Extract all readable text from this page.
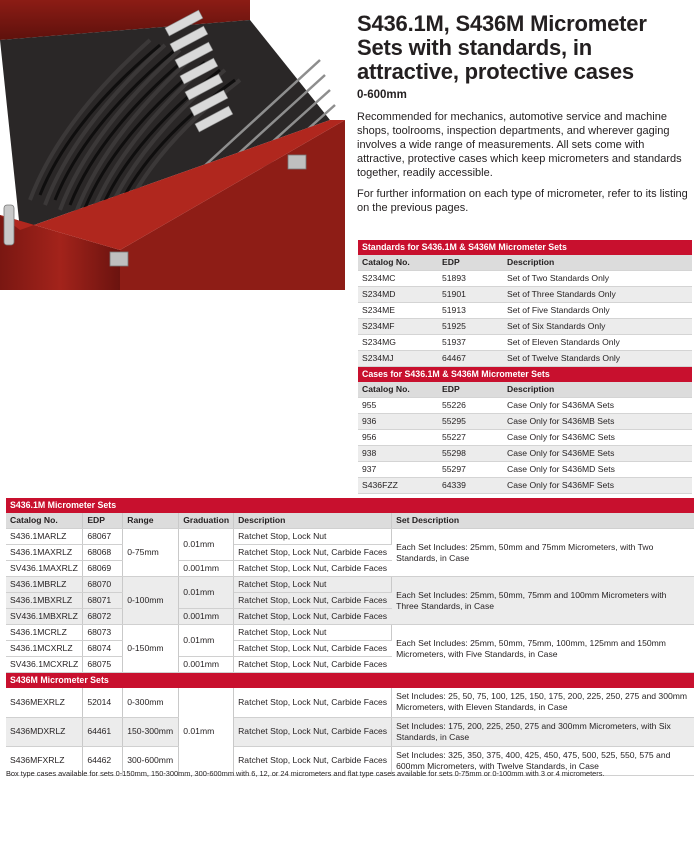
S436.1M, S436M Micrometer Sets with standards, in attractive, protective cases
0-600mm

Recommended for mechanics, automotive service and machine shops, toolrooms, inspection departments, and wherever gaging involves a wide range of measurements. All sets come with attractive, protective cases which keep micrometers and standards together, readily accessible.

For further information on each type of micrometer, refer to its listing on the previous pages.

Standards for S436.1M & S436M Micrometer Sets		
Catalog No.	EDP	Description
S234MC	51893	Set of Two Standards Only
S234MD	51901	Set of Three Standards Only
S234ME	51913	Set of Five Standards Only
S234MF	51925	Set of Six Standards Only
S234MG	51937	Set of Eleven Standards Only
S234MJ	64467	Set of Twelve Standards Only
Cases for S436.1M & S436M Micrometer Sets		
Catalog No.	EDP	Description
955	55226	Case Only for S436MA Sets
936	55295	Case Only for S436MB Sets
956	55227	Case Only for S436MC Sets
938	55298	Case Only for S436ME Sets
937	55297	Case Only for S436MD Sets
S436FZZ	64339	Case Only for S436MF Sets
S436.1M Micrometer Sets					
Catalog No.	EDP	Range	Graduation	Description	Set Description
S436.1MARLZ	68067	0-75mm	0.01mm	Ratchet Stop, Lock Nut	Each Set Includes: 25mm, 50mm and 75mm Micrometers, with Two Standards, in Case
S436.1MAXRLZ	68068			Ratchet Stop, Lock Nut, Carbide Faces	
SV436.1MAXRLZ	68069		0.001mm	Ratchet Stop, Lock Nut, Carbide Faces	
S436.1MBRLZ	68070	0-100mm	0.01mm	Ratchet Stop, Lock Nut	Each Set Includes: 25mm, 50mm, 75mm and 100mm Micrometers with Three Standards, in Case
S436.1MBXRLZ	68071			Ratchet Stop, Lock Nut, Carbide Faces	
SV436.1MBXRLZ	68072		0.001mm	Ratchet Stop, Lock Nut, Carbide Faces	
S436.1MCRLZ	68073	0-150mm	0.01mm	Ratchet Stop, Lock Nut	Each Set Includes: 25mm, 50mm, 75mm, 100mm, 125mm and 150mm Micrometers, with Five Standards, in Case
S436.1MCXRLZ	68074			Ratchet Stop, Lock Nut, Carbide Faces	
SV436.1MCXRLZ	68075		0.001mm	Ratchet Stop, Lock Nut, Carbide Faces	
S436M Micrometer Sets					
S436MEXRLZ	52014	0-300mm	0.01mm	Ratchet Stop, Lock Nut, Carbide Faces	Set Includes: 25, 50, 75, 100, 125, 150, 175, 200, 225, 250, 275 and 300mm Micrometers, with Eleven Standards, in Case
S436MDXRLZ	64461	150-300mm		Ratchet Stop, Lock Nut, Carbide Faces	Set Includes: 175, 200, 225, 250, 275 and 300mm Micrometers, with Six Standards, in Case
S436MFXRLZ	64462	300-600mm		Ratchet Stop, Lock Nut, Carbide Faces	Set Includes: 325, 350, 375, 400, 425, 450, 475, 500, 525, 550, 575 and 600mm Micrometers, with Twelve Standards, in Case
Box type cases available for sets 0-150mm, 150-300mm, 300-600mm with 6, 12, or 24 micrometers and flat type cases available for sets 0-75mm or 0-100mm with 3 or 4 micrometers.
